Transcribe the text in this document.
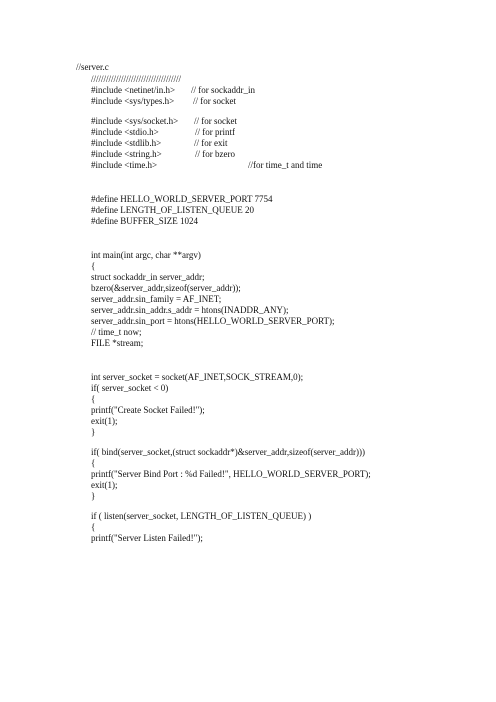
//server.c
////////////////////////////////////
#include <netinet/in.h> // for sockaddr_in
#include <sys/types.h> // for socket
#include <sys/socket.h> // for socket
#include <stdio.h>	// for printf
#include <stdlib.h>	// for exit
#include <string.h>	// for bzero
#include <time.h>	//for time_t and time
#define HELLO_WORLD_SERVER_PORT 7754
#define LENGTH_OF_LISTEN_QUEUE 20
#define BUFFER_SIZE 1024
int main(int argc, char **argv)
{
struct sockaddr_in server_addr;
bzero(&server_addr,sizeof(server_addr));
server_addr.sin_family = AF_INET;
server_addr.sin_addr.s_addr = htons(INADDR_ANY);
server_addr.sin_port = htons(HELLO_WORLD_SERVER_PORT);
// time_t now;
FILE *stream;
int server_socket = socket(AF_INET,SOCK_STREAM,0);
if( server_socket < 0)
{
printf("Create Socket Failed!");
exit(1);
}
if( bind(server_socket,(struct sockaddr*)&server_addr,sizeof(server_addr)))
{
printf("Server Bind Port : %d Failed!", HELLO_WORLD_SERVER_PORT);
exit(1);
}
if ( listen(server_socket, LENGTH_OF_LISTEN_QUEUE) )
{
printf("Server Listen Failed!");
